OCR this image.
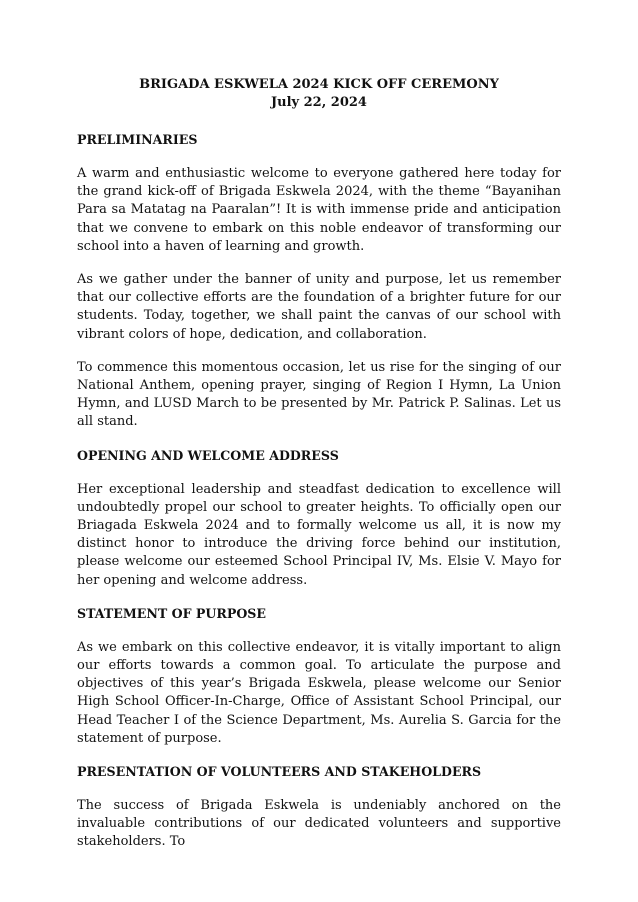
BRIGADA ESKWELA 2024 KICK OFF CEREMONY
July 22, 2024
PRELIMINARIES

A warm and enthusiastic welcome to everyone gathered here today for the grand kick-off of Brigada Eskwela 2024, with the theme “Bayanihan Para sa Matatag na Paaralan”! It is with immense pride and anticipation that we convene to embark on this noble endeavor of transforming our school into a haven of learning and growth.

As we gather under the banner of unity and purpose, let us remember that our collective efforts are the foundation of a brighter future for our students. Today, together, we shall paint the canvas of our school with vibrant colors of hope, dedication, and collaboration.

To commence this momentous occasion, let us rise for the singing of our National Anthem, opening prayer, singing of Region I Hymn, La Union Hymn, and LUSD March to be presented by Mr. Patrick P. Salinas. Let us all stand.

OPENING AND WELCOME ADDRESS

Her exceptional leadership and steadfast dedication to excellence will undoubtedly propel our school to greater heights. To officially open our Briagada Eskwela 2024 and to formally welcome us all, it is now my distinct honor to introduce the driving force behind our institution, please welcome our esteemed School Principal IV, Ms. Elsie V. Mayo for her opening and welcome address.

STATEMENT OF PURPOSE

As we embark on this collective endeavor, it is vitally important to align our efforts towards a common goal. To articulate the purpose and objectives of this year’s Brigada Eskwela, please welcome our Senior High School Officer-In-Charge, Office of Assistant School Principal, our Head Teacher I of the Science Department, Ms. Aurelia S. Garcia for the statement of purpose.

PRESENTATION OF VOLUNTEERS AND STAKEHOLDERS

The success of Brigada Eskwela is undeniably anchored on the invaluable contributions of our dedicated volunteers and supportive stakeholders. To
